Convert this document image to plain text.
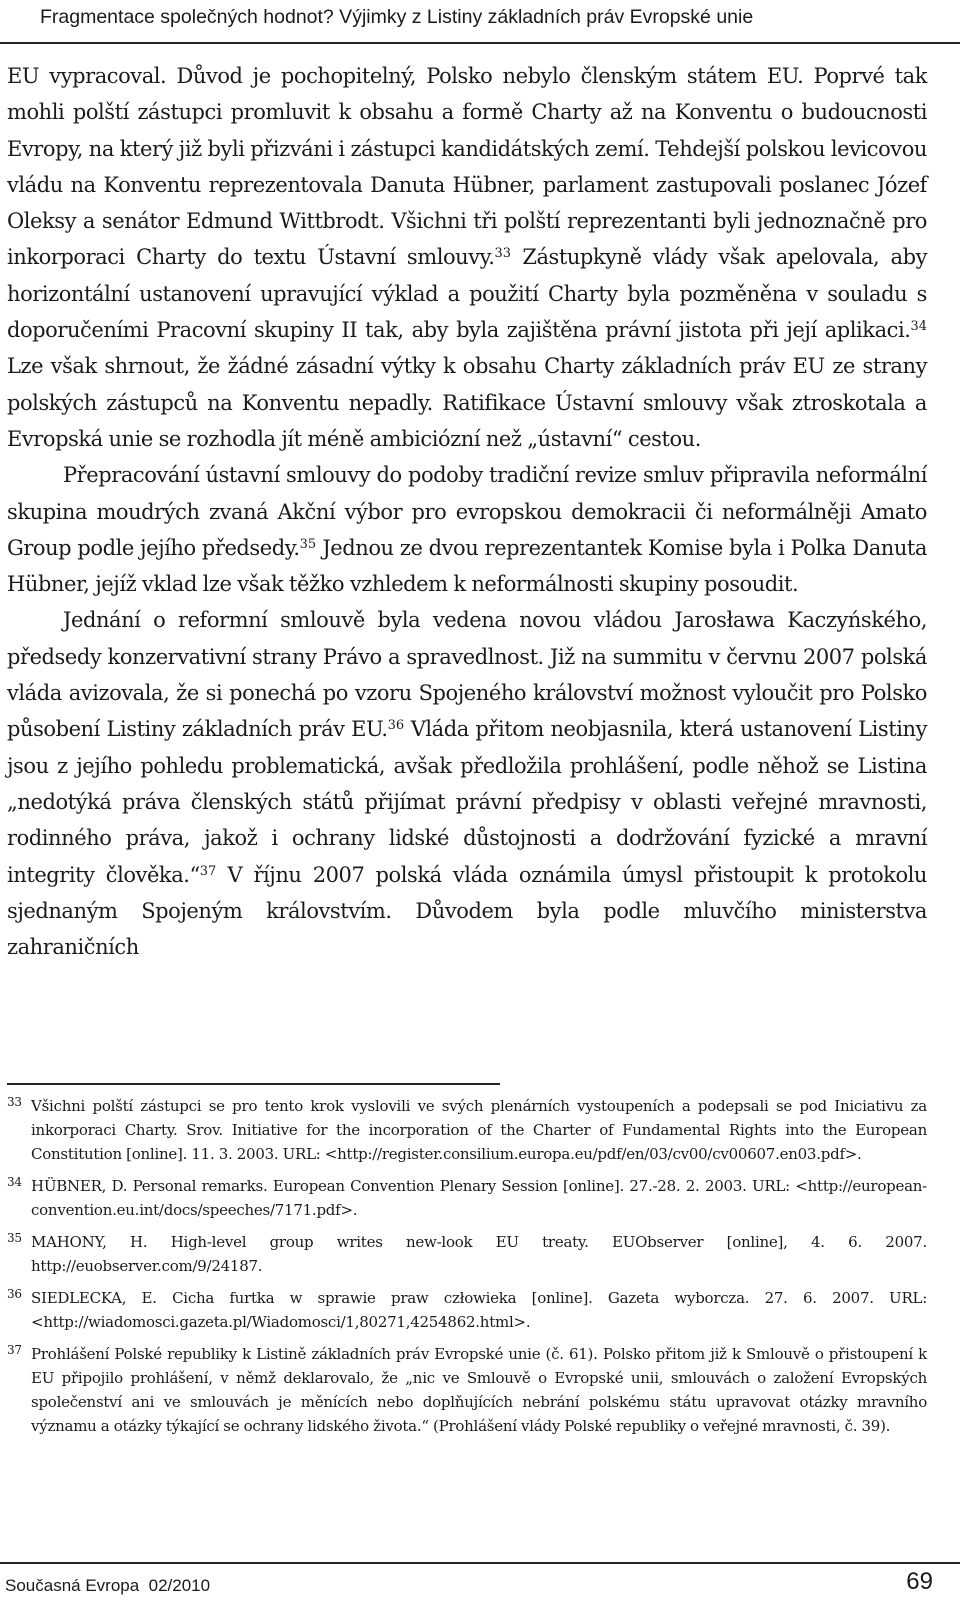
Fragmentace společných hodnot? Výjimky z Listiny základních práv Evropské unie

EU vypracoval. Důvod je pochopitelný, Polsko nebylo členským státem EU. Poprvé tak mohli polští zástupci promluvit k obsahu a formě Charty až na Konventu o budoucnosti Evropy, na který již byli přizváni i zástupci kandidátských zemí. Tehdejší polskou levicovou vládu na Konventu reprezentovala Danuta Hübner, parlament zastupovali poslanec Józef Oleksy a senátor Edmund Wittbrodt. Všichni tři polští reprezentanti byli jednoznačně pro inkorporaci Charty do textu Ústavní smlouvy.$^{33}$ Zástupkyně vlády však apelovala, aby horizontální ustanovení upravující výklad a použití Charty byla pozměněna v souladu s doporučeními Pracovní skupiny II tak, aby byla zajištěna právní jistota při její aplikaci.$^{34}$ Lze však shrnout, že žádné zásadní výtky k obsahu Charty základních práv EU ze strany polských zástupců na Konventu nepadly. Ratifikace Ústavní smlouvy však ztroskotala a Evropská unie se rozhodla jít méně ambiciózní než „ústavní“ cestou.

Přepracování ústavní smlouvy do podoby tradiční revize smluv připravila neformální skupina moudrých zvaná Akční výbor pro evropskou demokracii či neformálněji Amato Group podle jejího předsedy.$^{35}$ Jednou ze dvou reprezentantek Komise byla i Polka Danuta Hübner, jejíž vklad lze však těžko vzhledem k neformálnosti skupiny posoudit.

Jednání o reformní smlouvě byla vedena novou vládou Jarosława Kaczyńského, předsedy konzervativní strany Právo a spravedlnost. Již na summitu v červnu 2007 polská vláda avizovala, že si ponechá po vzoru Spojeného království možnost vyloučit pro Polsko působení Listiny základních práv EU.$^{36}$ Vláda přitom neobjasnila, která ustanovení Listiny jsou z jejího pohledu problematická, avšak předložila prohlášení, podle něhož se Listina „nedotýká práva členských států přijímat právní předpisy v oblasti veřejné mravnosti, rodinného práva, jakož i ochrany lidské důstojnosti a dodržování fyzické a mravní integrity člověka.“$^{37}$ V říjnu 2007 polská vláda oznámila úmysl přistoupit k protokolu sjednaným Spojeným královstvím. Důvodem byla podle mluvčího ministerstva zahraničních

33 Všichni polští zástupci se pro tento krok vyslovili ve svých plenárních vystoupeních a podepsali se pod Iniciativu za inkorporaci Charty. Srov. Initiative for the incorporation of the Charter of Fundamental Rights into the European Constitution [online]. 11. 3. 2003. URL: <http://register.consilium.europa.eu/pdf/en/03/cv00/cv00607.en03.pdf>.
34 HÜBNER, D. Personal remarks. European Convention Plenary Session [online]. 27.-28. 2. 2003. URL: <http://european-convention.eu.int/docs/speeches/7171.pdf>.
35 MAHONY, H. High-level group writes new-look EU treaty. EUObserver [online], 4. 6. 2007. http://euobserver.com/9/24187.
36 SIEDLECKA, E. Cicha furtka w sprawie praw człowieka [online]. Gazeta wyborcza. 27. 6. 2007. URL: <http://wiadomosci.gazeta.pl/Wiadomosci/1,80271,4254862.html>.
37 Prohlášení Polské republiky k Listině základních práv Evropské unie (č. 61). Polsko přitom již k Smlouvě o přistoupení k EU připojilo prohlášení, v němž deklarovalo, že „nic ve Smlouvě o Evropské unii, smlouvách o založení Evropských společenství ani ve smlouvách je měnících nebo doplňujících nebrání polskému státu upravovat otázky mravního významu a otázky týkající se ochrany lidského života.“ (Prohlášení vlády Polské republiky o veřejné mravnosti, č. 39).
Současná Evropa  02/2010	69
